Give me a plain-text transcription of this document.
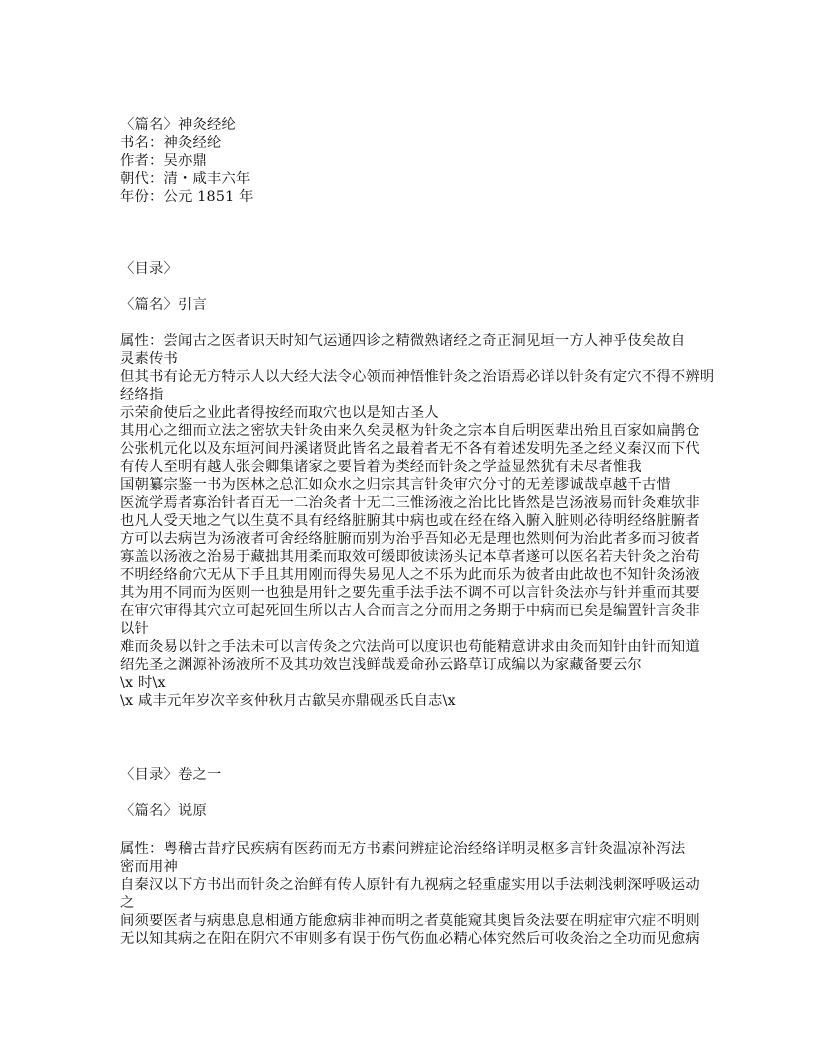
〈篇名〉神灸经纶
书名：神灸经纶
作者：吴亦鼎
朝代：清・咸丰六年
年份：公元 1851 年
〈目录〉
〈篇名〉引言
属性：尝闻古之医者识天时知气运通四诊之精微熟诸经之奇正洞见垣一方人神乎伎矣故自
灵素传书
但其书有论无方特示人以大经大法令心领而神悟惟针灸之治语焉必详以针灸有定穴不得不辨明
经络指
示荣俞使后之业此者得按经而取穴也以是知古圣人
其用心之细而立法之密欤夫针灸由来久矣灵枢为针灸之宗本自后明医辈出殆且百家如扁鹊仓
公张机元化以及东垣河间丹溪诸贤此皆名之最着者无不各有着述发明先圣之经义秦汉而下代
有传人至明有越人张会卿集诸家之要旨着为类经而针灸之学益显然犹有未尽者惟我
国朝纂宗鉴一书为医林之总汇如众水之归宗其言针灸审穴分寸的无差谬诚哉卓越千古惜
医流学焉者寡治针者百无一二治灸者十无二三惟汤液之治比比皆然是岂汤液易而针灸难欤非
也凡人受天地之气以生莫不具有经络脏腑其中病也或在经在络入腑入脏则必待明经络脏腑者
方可以去病岂为汤液者可舍经络脏腑而别为治乎吾知必无是理也然则何为治此者多而习彼者
寡盖以汤液之治易于藏拙其用柔而取效可缓即彼读汤头记本草者遂可以医名若夫针灸之治苟
不明经络俞穴无从下手且其用刚而得失易见人之不乐为此而乐为彼者由此故也不知针灸汤液
其为用不同而为医则一也独是用针之要先重手法手法不调不可以言针灸法亦与针并重而其要
在审穴审得其穴立可起死回生所以古人合而言之分而用之务期于中病而已矣是编置针言灸非
以针
难而灸易以针之手法未可以言传灸之穴法尚可以度识也苟能精意讲求由灸而知针由针而知道
绍先圣之渊源补汤液所不及其功效岂浅鲜哉爰命孙云路草订成编以为家藏备要云尔
\x 时\x
\x 咸丰元年岁次辛亥仲秋月古歙吴亦鼎砚丞氏自志\x
〈目录〉卷之一
〈篇名〉说原
属性：粤稽古昔疗民疾病有医药而无方书素问辨症论治经络详明灵枢多言针灸温凉补泻法
密而用神
自秦汉以下方书出而针灸之治鲜有传人原针有九视病之轻重虚实用以手法刺浅刺深呼吸运动
之
间须要医者与病患息息相通方能愈病非神而明之者莫能窥其奥旨灸法要在明症审穴症不明则
无以知其病之在阳在阴穴不审则多有误于伤气伤血必精心体究然后可收灸治之全功而见愈病
